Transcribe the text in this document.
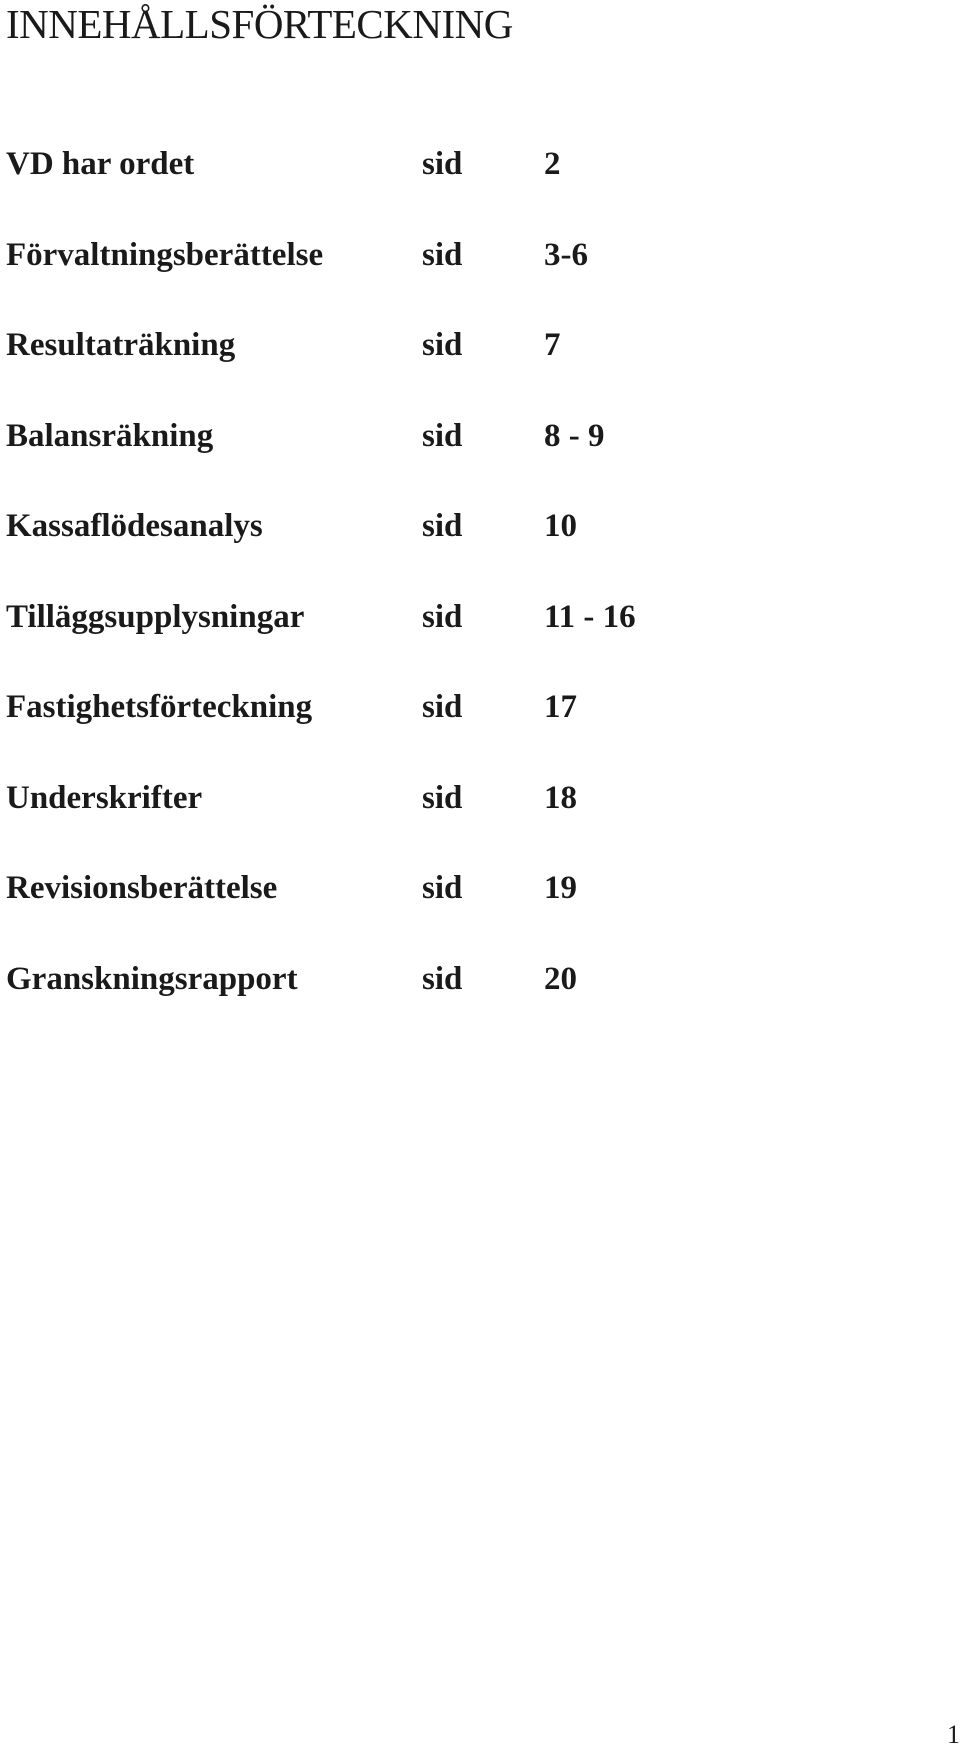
INNEHÅLLSFÖRTECKNING
VD har ordet	sid 2
Förvaltningsberättelse	sid 3-6
Resultaträkning	sid 7
Balansräkning	sid 8 - 9
Kassaflödesanalys	sid 10
Tilläggsupplysningar	sid 11 - 16
Fastighetsförteckning	sid 17
Underskrifter	sid 18
Revisionsberättelse	sid 19
Granskningsrapport	sid 20
1
